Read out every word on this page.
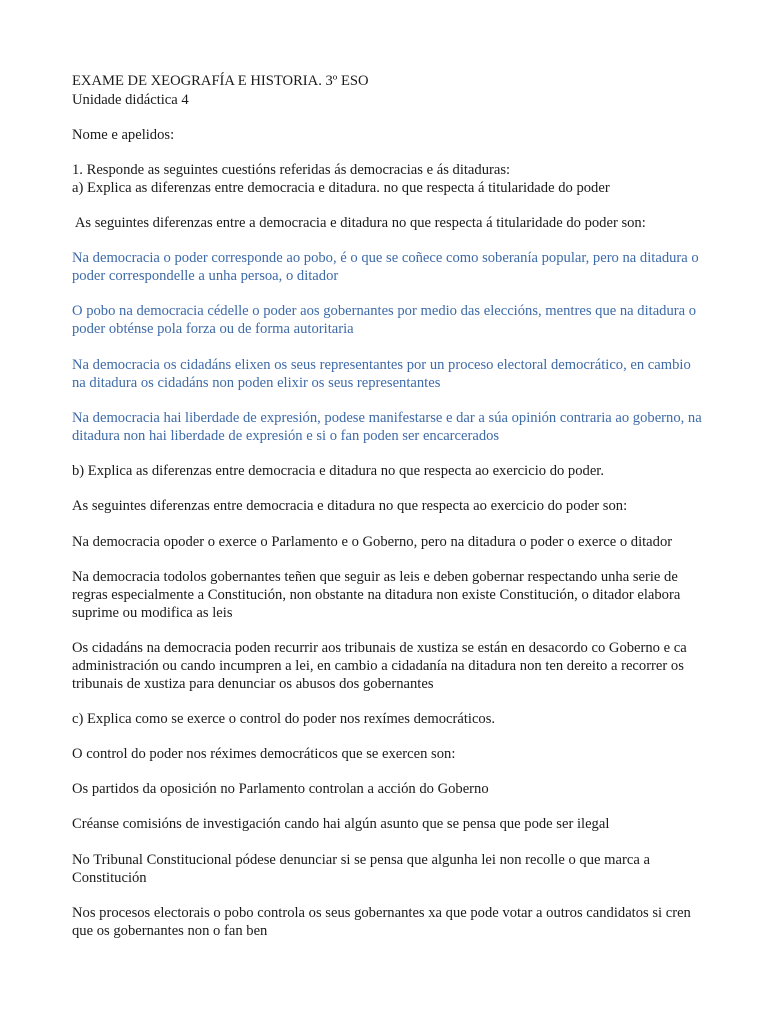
EXAME DE XEOGRAFÍA E HISTORIA. 3º ESO

Unidade didáctica 4

Nome e apelidos:

1. Responde as seguintes cuestións referidas ás democracias e ás ditaduras:

a) Explica as diferenzas entre democracia e ditadura. no que respecta á titularidade do poder

As seguintes diferenzas entre a democracia e ditadura no que respecta á titularidade do poder son:

Na democracia o poder corresponde ao pobo, é o que se coñece como soberanía popular, pero na ditadura o poder correspondelle a unha persoa, o ditador

O pobo na democracia cédelle o poder aos gobernantes por medio das eleccións, mentres que na ditadura o poder obténse pola forza ou de forma autoritaria

Na democracia os cidadáns elixen os seus representantes por un proceso electoral democrático, en cambio na ditadura os cidadáns non poden elixir os seus representantes

Na democracia hai liberdade de expresión, podese manifestarse e dar a súa opinión contraria ao goberno, na ditadura non hai liberdade de expresión e si o fan poden ser encarcerados

b) Explica as diferenzas entre democracia e ditadura no que respecta ao exercicio do poder.

As seguintes diferenzas entre democracia e ditadura no que respecta ao exercicio do poder son:

Na democracia opoder o exerce o Parlamento e o Goberno, pero na ditadura o poder o exerce o ditador

Na democracia todolos gobernantes teñen que seguir as leis e deben gobernar respectando unha serie de regras especialmente a Constitución, non obstante na ditadura non existe Constitución, o ditador elabora suprime ou modifica as leis

Os cidadáns na democracia poden recurrir aos tribunais de xustiza se están en desacordo co Goberno e ca administración ou cando incumpren a lei, en cambio a cidadanía na ditadura non ten dereito a recorrer os tribunais de xustiza para denunciar os abusos dos gobernantes

c) Explica como se exerce o control do poder nos rexímes democráticos.

O control do poder nos réximes democráticos que se exercen son:

Os partidos da oposición no Parlamento controlan a acción do Goberno

Créanse comisións de investigación cando hai algún asunto que se pensa que pode ser ilegal

No Tribunal Constitucional pódese denunciar si se pensa que algunha lei non recolle o que marca a Constitución

Nos procesos electorais o pobo controla os seus gobernantes xa que pode votar a outros candidatos si cren que os gobernantes non o fan ben
